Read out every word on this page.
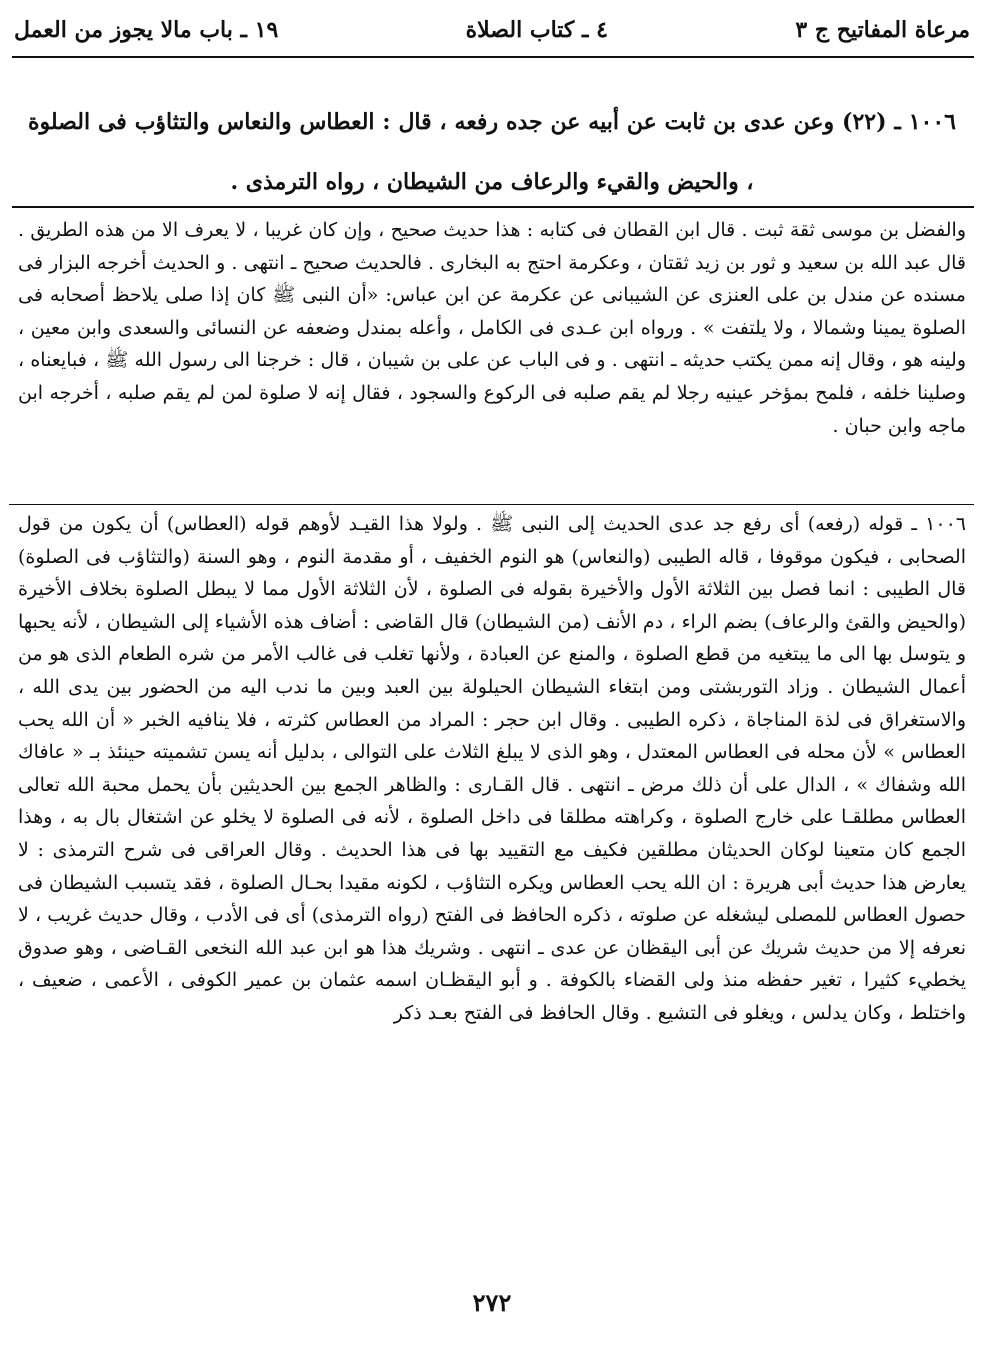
مرعاة المفاتيح ج ٣
٤ ـ كتاب الصلاة
١٩ ـ باب مالا يجوز من العمل
١٠٠٦ ـ (٢٢) وعن عدى بن ثابت عن أبيه عن جده رفعه ، قال : العطاس والنعاس والتثاؤب فى الصلوة ، والحيض والقيء والرعاف من الشيطان ، رواه الترمذى .

والفضل بن موسى ثقة ثبت . قال ابن القطان فى كتابه : هذا حديث صحيح ، وإن كان غريبا ، لا يعرف الا من هذه الطريق . قال عبد الله بن سعيد و ثور بن زيد ثقتان ، وعكرمة احتج به البخارى . فالحديث صحيح ـ انتهى . و الحديث أخرجه البزار فى مسنده عن مندل بن على العنزى عن الشيبانى عن عكرمة عن ابن عباس: «أن النبى ﷺ كان إذا صلى يلاحظ أصحابه فى الصلوة يمينا وشمالا ، ولا يلتفت » . ورواه ابن عـدى فى الكامل ، وأعله بمندل وضعفه عن النسائى والسعدى وابن معين ، ولينه هو ، وقال إنه ممن يكتب حديثه ـ انتهى . و فى الباب عن على بن شيبان ، قال : خرجنا الى رسول الله ﷺ ، فبايعناه ، وصلينا خلفه ، فلمح بمؤخر عينيه رجلا لم يقم صلبه فى الركوع والسجود ، فقال إنه لا صلوة لمن لم يقم صلبه ، أخرجه ابن ماجه وابن حبان .

١٠٠٦ ـ قوله (رفعه) أى رفع جد عدى الحديث إلى النبى ﷺ . ولولا هذا القيـد لأوهم قوله (العطاس) أن يكون من قول الصحابى ، فيكون موقوفا ، قاله الطيبى (والنعاس) هو النوم الخفيف ، أو مقدمة النوم ، وهو السنة (والتثاؤب فى الصلوة) قال الطيبى : انما فصل بين الثلاثة الأول والأخيرة بقوله فى الصلوة ، لأن الثلاثة الأول مما لا يبطل الصلوة بخلاف الأخيرة (والحيض والقئ والرعاف) بضم الراء ، دم الأنف (من الشيطان) قال القاضى : أضاف هذه الأشياء إلى الشيطان ، لأنه يحبها و يتوسل بها الى ما يبتغيه من قطع الصلوة ، والمنع عن العبادة ، ولأنها تغلب فى غالب الأمر من شره الطعام الذى هو من أعمال الشيطان . وزاد التوربشتى ومن ابتغاء الشيطان الحيلولة بين العبد وبين ما ندب اليه من الحضور بين يدى الله ، والاستغراق فى لذة المناجاة ، ذكره الطيبى . وقال ابن حجر : المراد من العطاس كثرته ، فلا ينافيه الخبر « أن الله يحب العطاس » لأن محله فى العطاس المعتدل ، وهو الذى لا يبلغ الثلاث على التوالى ، بدليل أنه يسن تشميته حينئذ بـ « عافاك الله وشفاك » ، الدال على أن ذلك مرض ـ انتهى . قال القـارى : والظاهر الجمع بين الحديثين بأن يحمل محبة الله تعالى العطاس مطلقـا على خارج الصلوة ، وكراهته مطلقا فى داخل الصلوة ، لأنه فى الصلوة لا يخلو عن اشتغال بال به ، وهذا الجمع كان متعينا لوكان الحديثان مطلقين فكيف مع التقييد بها فى هذا الحديث . وقال العراقى فى شرح الترمذى : لا يعارض هذا حديث أبى هريرة : ان الله يحب العطاس ويكره التثاؤب ، لكونه مقيدا بحـال الصلوة ، فقد يتسبب الشيطان فى حصول العطاس للمصلى ليشغله عن صلوته ، ذكره الحافظ فى الفتح (رواه الترمذى) أى فى الأدب ، وقال حديث غريب ، لا نعرفه إلا من حديث شريك عن أبى اليقظان عن عدى ـ انتهى . وشريك هذا هو ابن عبد الله النخعى القـاضى ، وهو صدوق يخطيء كثيرا ، تغير حفظه منذ ولى القضاء بالكوفة . و أبو اليقظـان اسمه عثمان بن عمير الكوفى ، الأعمى ، ضعيف ، واختلط ، وكان يدلس ، ويغلو فى التشيع . وقال الحافظ فى الفتح بعـد ذكر

٢٧٢
